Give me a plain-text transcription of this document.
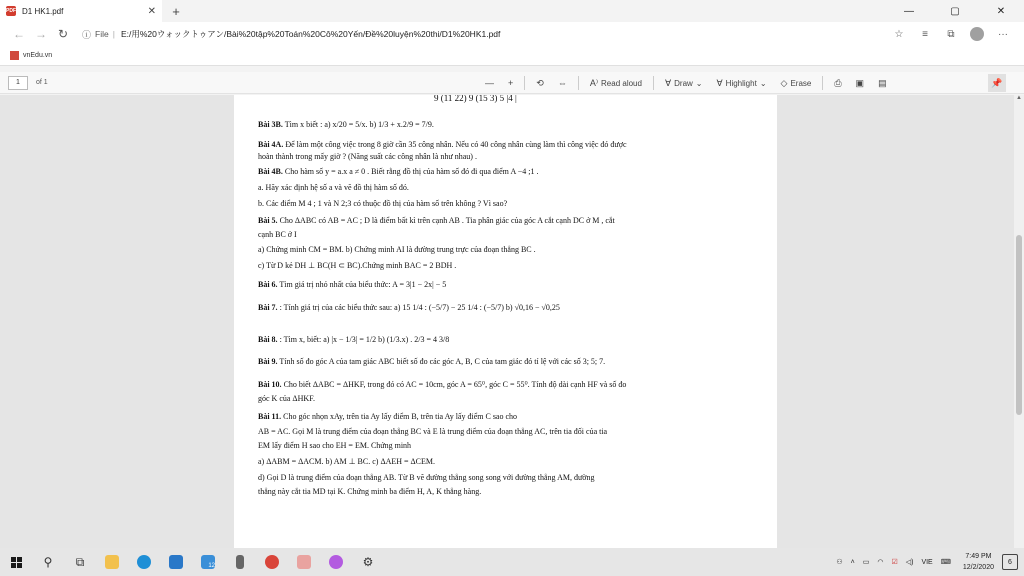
PDF D1 HK1.pdf	✕	+	—	▢	✕
← → ↻	ⓘ File | E:/用%20ウォックトゥアン/Bài%20tập%20Toán%20Cô%20Yến/Đề%20luyện%20thi/D1%20HK1.pdf	☆	≡	⧉	···
vnEdu.vn
1	of 1	—	+	⟲	⇔	A⁾ Read aloud	∀ Draw ⌄ ∀ Highlight ⌄ ◇ Erase	⎙	▣	▤	📌
9 (11 22) 9 (15 3) 5 |4 |
Bài 3B. Tìm x biết : a) x/20 = 5/x. b) 1/3 + x.2/9 = 7/9.
Bài 4A. Để làm một công việc trong 8 giờ cần 35 công nhân. Nếu có 40 công nhân cùng làm thì công việc đó được
hoàn thành trong mấy giờ ? (Năng suất các công nhân là như nhau) .
Bài 4B. Cho hàm số y = a.x a ≠ 0 . Biết rằng đồ thị của hàm số đó đi qua điểm A −4 ;1 .
a. Hãy xác định hệ số a và vẽ đồ thị hàm số đó.
b. Các điểm M 4 ; 1 và N 2;3 có thuộc đồ thị của hàm số trên không ? Vì sao?
Bài 5. Cho ΔABC có AB = AC ; D là điểm bất kì trên cạnh AB . Tia phân giác của góc A cắt cạnh DC ở M , cắt
cạnh BC ở I
a) Chứng minh CM = BM. b) Chứng minh AI là đường trung trực của đoạn thẳng BC .
c) Từ D kẻ DH ⊥ BC(H ⊂ BC).Chứng minh BAC = 2 BDH .
Bài 6. Tìm giá trị nhỏ nhất của biểu thức: A = 3|1 − 2x| − 5
Bài 7. : Tính giá trị của các biểu thức sau: a) 15 1/4 : (−5/7) − 25 1/4 : (−5/7) b) √0,16 − √0,25
Bài 8. : Tìm x, biết: a) |x − 1/3| = 1/2 b) (1/3.x) . 2/3 = 4 3/8
Bài 9. Tính số đo góc A của tam giác ABC biết số đo các góc A, B, C của tam giác đó tỉ lệ với các số 3; 5; 7.
Bài 10. Cho biết ΔABC = ΔHKF, trong đó có AC = 10cm, góc A = 65⁰, góc C = 55⁰. Tính độ dài cạnh HF và số đo
góc K của ΔHKF.
Bài 11. Cho góc nhọn xAy, trên tia Ay lấy điểm B, trên tia Ay lấy điểm C sao cho
AB = AC. Gọi M là trung điểm của đoạn thẳng BC và E là trung điểm của đoạn thẳng AC, trên tia đối của tia
EM lấy điểm H sao cho EH = EM. Chứng minh
a) ΔABM = ΔACM. b) AM ⊥ BC. c) ΔAEH = ΔCEM.
d) Gọi D là trung điểm của đoạn thẳng AB. Từ B vẽ đường thẳng song song với đường thẳng AM, đường
thẳng này cắt tia MD tại K. Chứng minh ba điểm H, A, K thẳng hàng.
▲
⚲	⧉	12	⚙	⚇	˄	▭	◠	☑	◁)	VIE	⌨
7:49 PM
12/2/2020
6
